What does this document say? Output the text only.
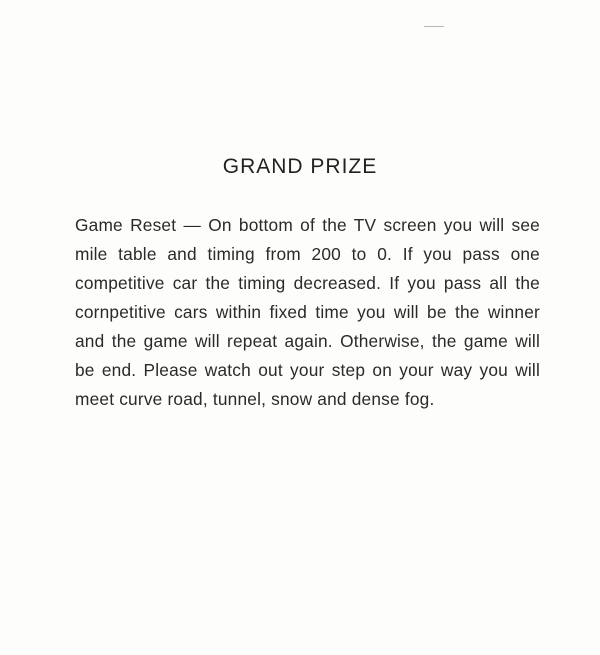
GRAND PRIZE

Game Reset — On bottom of the TV screen you will see mile table and timing from 200 to 0. If you pass one competitive car the timing decreased. If you pass all the cornpetitive cars within fixed time you will be the winner and the game will repeat again. Otherwise, the game will be end. Please watch out your step on your way you will meet curve road, tunnel, snow and dense fog.
